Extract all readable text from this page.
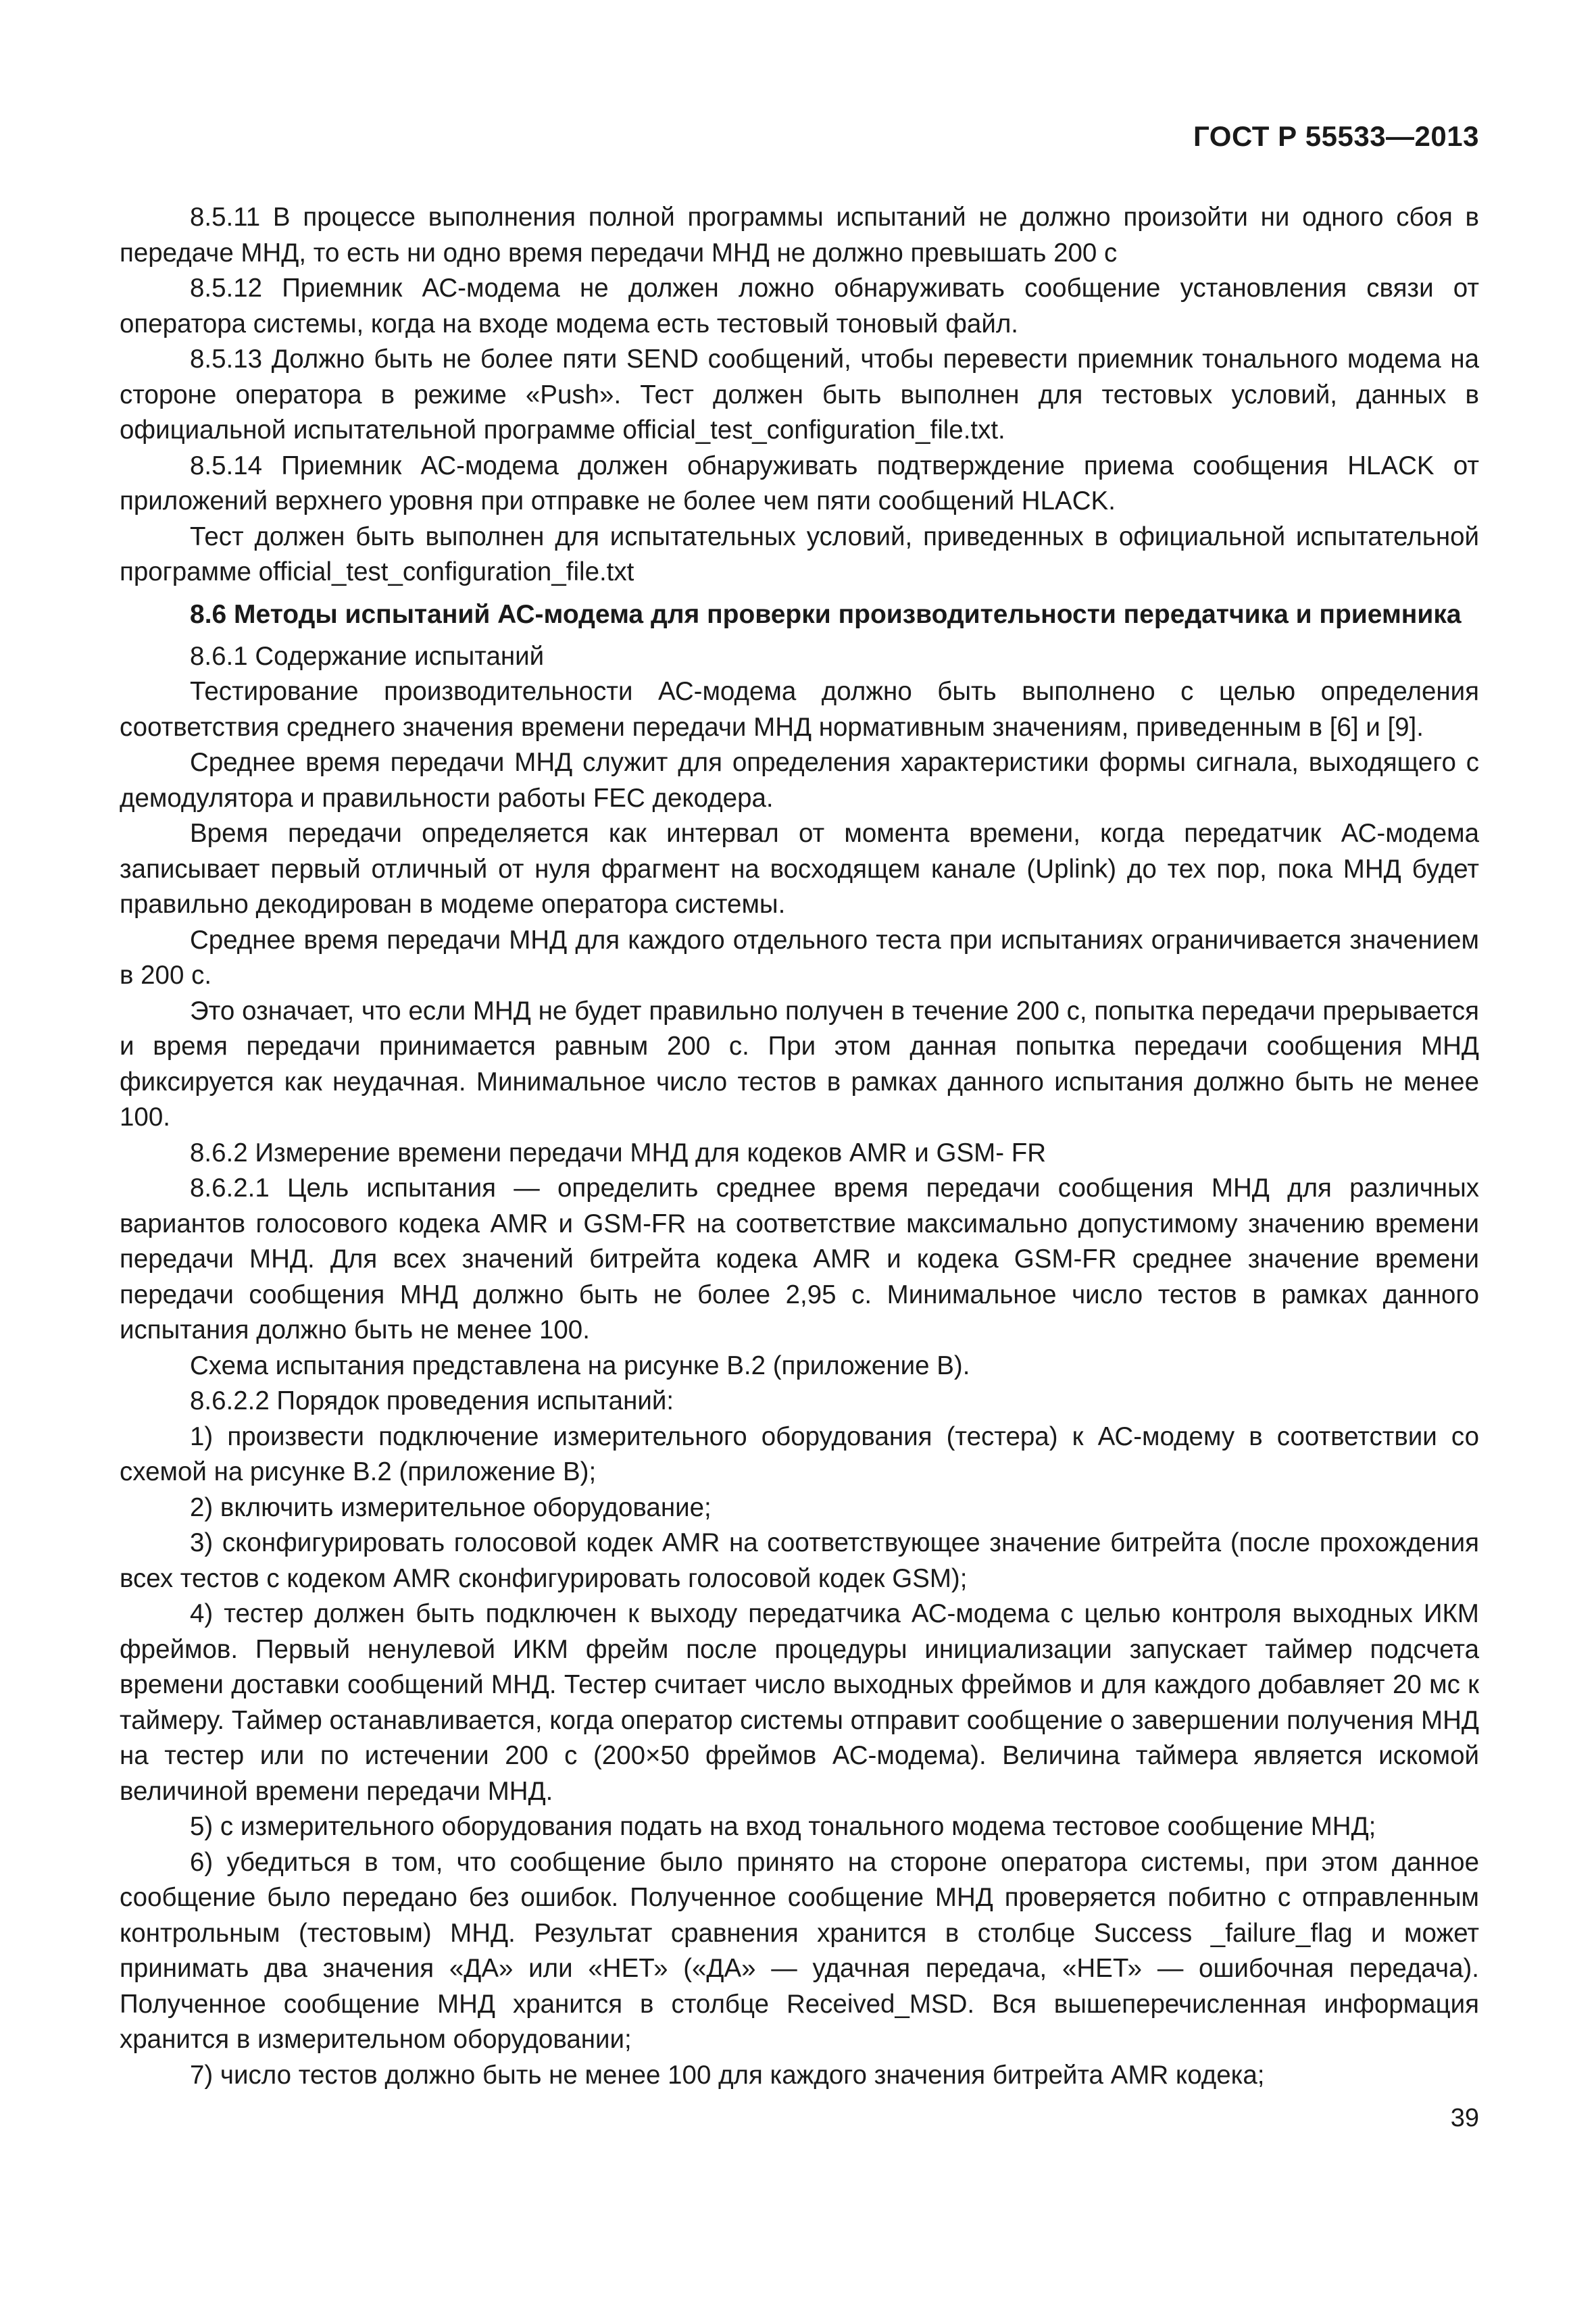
ГОСТ Р 55533—2013

8.5.11 В процессе выполнения полной программы испытаний не должно произойти ни одного сбоя в передаче МНД, то есть ни одно время передачи МНД не должно превышать 200 с

8.5.12 Приемник АС-модема не должен ложно обнаруживать сообщение установления связи от оператора системы, когда на входе модема есть тестовый тоновый файл.

8.5.13 Должно быть не более пяти SEND сообщений, чтобы перевести приемник тонального модема на стороне оператора в режиме «Push». Тест должен быть выполнен для тестовых условий, данных в официальной испытательной программе official_test_configuration_file.txt.

8.5.14 Приемник АС-модема должен обнаруживать подтверждение приема сообщения HLACK от приложений верхнего уровня при отправке не более чем пяти сообщений HLACK.

Тест должен быть выполнен для испытательных условий, приведенных в официальной испытательной программе official_test_configuration_file.txt

8.6 Методы испытаний АС-модема для проверки производительности передатчика и приемника

8.6.1 Содержание испытаний

Тестирование производительности АС-модема должно быть выполнено с целью определения соответствия среднего значения времени передачи МНД нормативным значениям, приведенным в [6] и [9].

Среднее время передачи МНД служит для определения характеристики формы сигнала, выходящего с демодулятора и правильности работы FEC декодера.

Время передачи определяется как интервал от момента времени, когда передатчик АС-модема записывает первый отличный от нуля фрагмент на восходящем канале (Uplink) до тех пор, пока МНД будет правильно декодирован в модеме оператора системы.

Среднее время передачи МНД для каждого отдельного теста при испытаниях ограничивается значением в 200 с.

Это означает, что если МНД не будет правильно получен в течение 200 с, попытка передачи прерывается и время передачи принимается равным 200 с. При этом данная попытка передачи сообщения МНД фиксируется как неудачная. Минимальное число тестов в рамках данного испытания должно быть не менее 100.

8.6.2 Измерение времени передачи МНД для кодеков AMR и GSM- FR

8.6.2.1 Цель испытания — определить среднее время передачи сообщения МНД для различных вариантов голосового кодека AMR и GSM-FR на соответствие максимально допустимому значению времени передачи МНД. Для всех значений битрейта кодека AMR и кодека GSM-FR среднее значение времени передачи сообщения МНД должно быть не более 2,95 с. Минимальное число тестов в рамках данного испытания должно быть не менее 100.

Схема испытания представлена на рисунке В.2 (приложение В).

8.6.2.2 Порядок проведения испытаний:

1) произвести подключение измерительного оборудования (тестера) к АС-модему в соответствии со схемой на рисунке В.2 (приложение В);

2) включить измерительное оборудование;

3) сконфигурировать голосовой кодек AMR на соответствующее значение битрейта (после прохождения всех тестов с кодеком AMR сконфигурировать голосовой кодек GSM);

4) тестер должен быть подключен к выходу передатчика АС-модема с целью контроля выходных ИКМ фреймов. Первый ненулевой ИКМ фрейм после процедуры инициализации запускает таймер подсчета времени доставки сообщений МНД. Тестер считает число выходных фреймов и для каждого добавляет 20 мс к таймеру. Таймер останавливается, когда оператор системы отправит сообщение о завершении получения МНД на тестер или по истечении 200 с (200×50 фреймов АС-модема). Величина таймера является искомой величиной времени передачи МНД.

5) с измерительного оборудования подать на вход тонального модема тестовое сообщение МНД;

6) убедиться в том, что сообщение было принято на стороне оператора системы, при этом данное сообщение было передано без ошибок. Полученное сообщение МНД проверяется побитно с отправленным контрольным (тестовым) МНД. Результат сравнения хранится в столбце Success _failure_flag и может принимать два значения «ДА» или «НЕТ» («ДА» — удачная передача, «НЕТ» — ошибочная передача). Полученное сообщение МНД хранится в столбце Received_MSD. Вся вышеперечисленная информация хранится в измерительном оборудовании;

7) число тестов должно быть не менее 100 для каждого значения битрейта AMR кодека;

39
